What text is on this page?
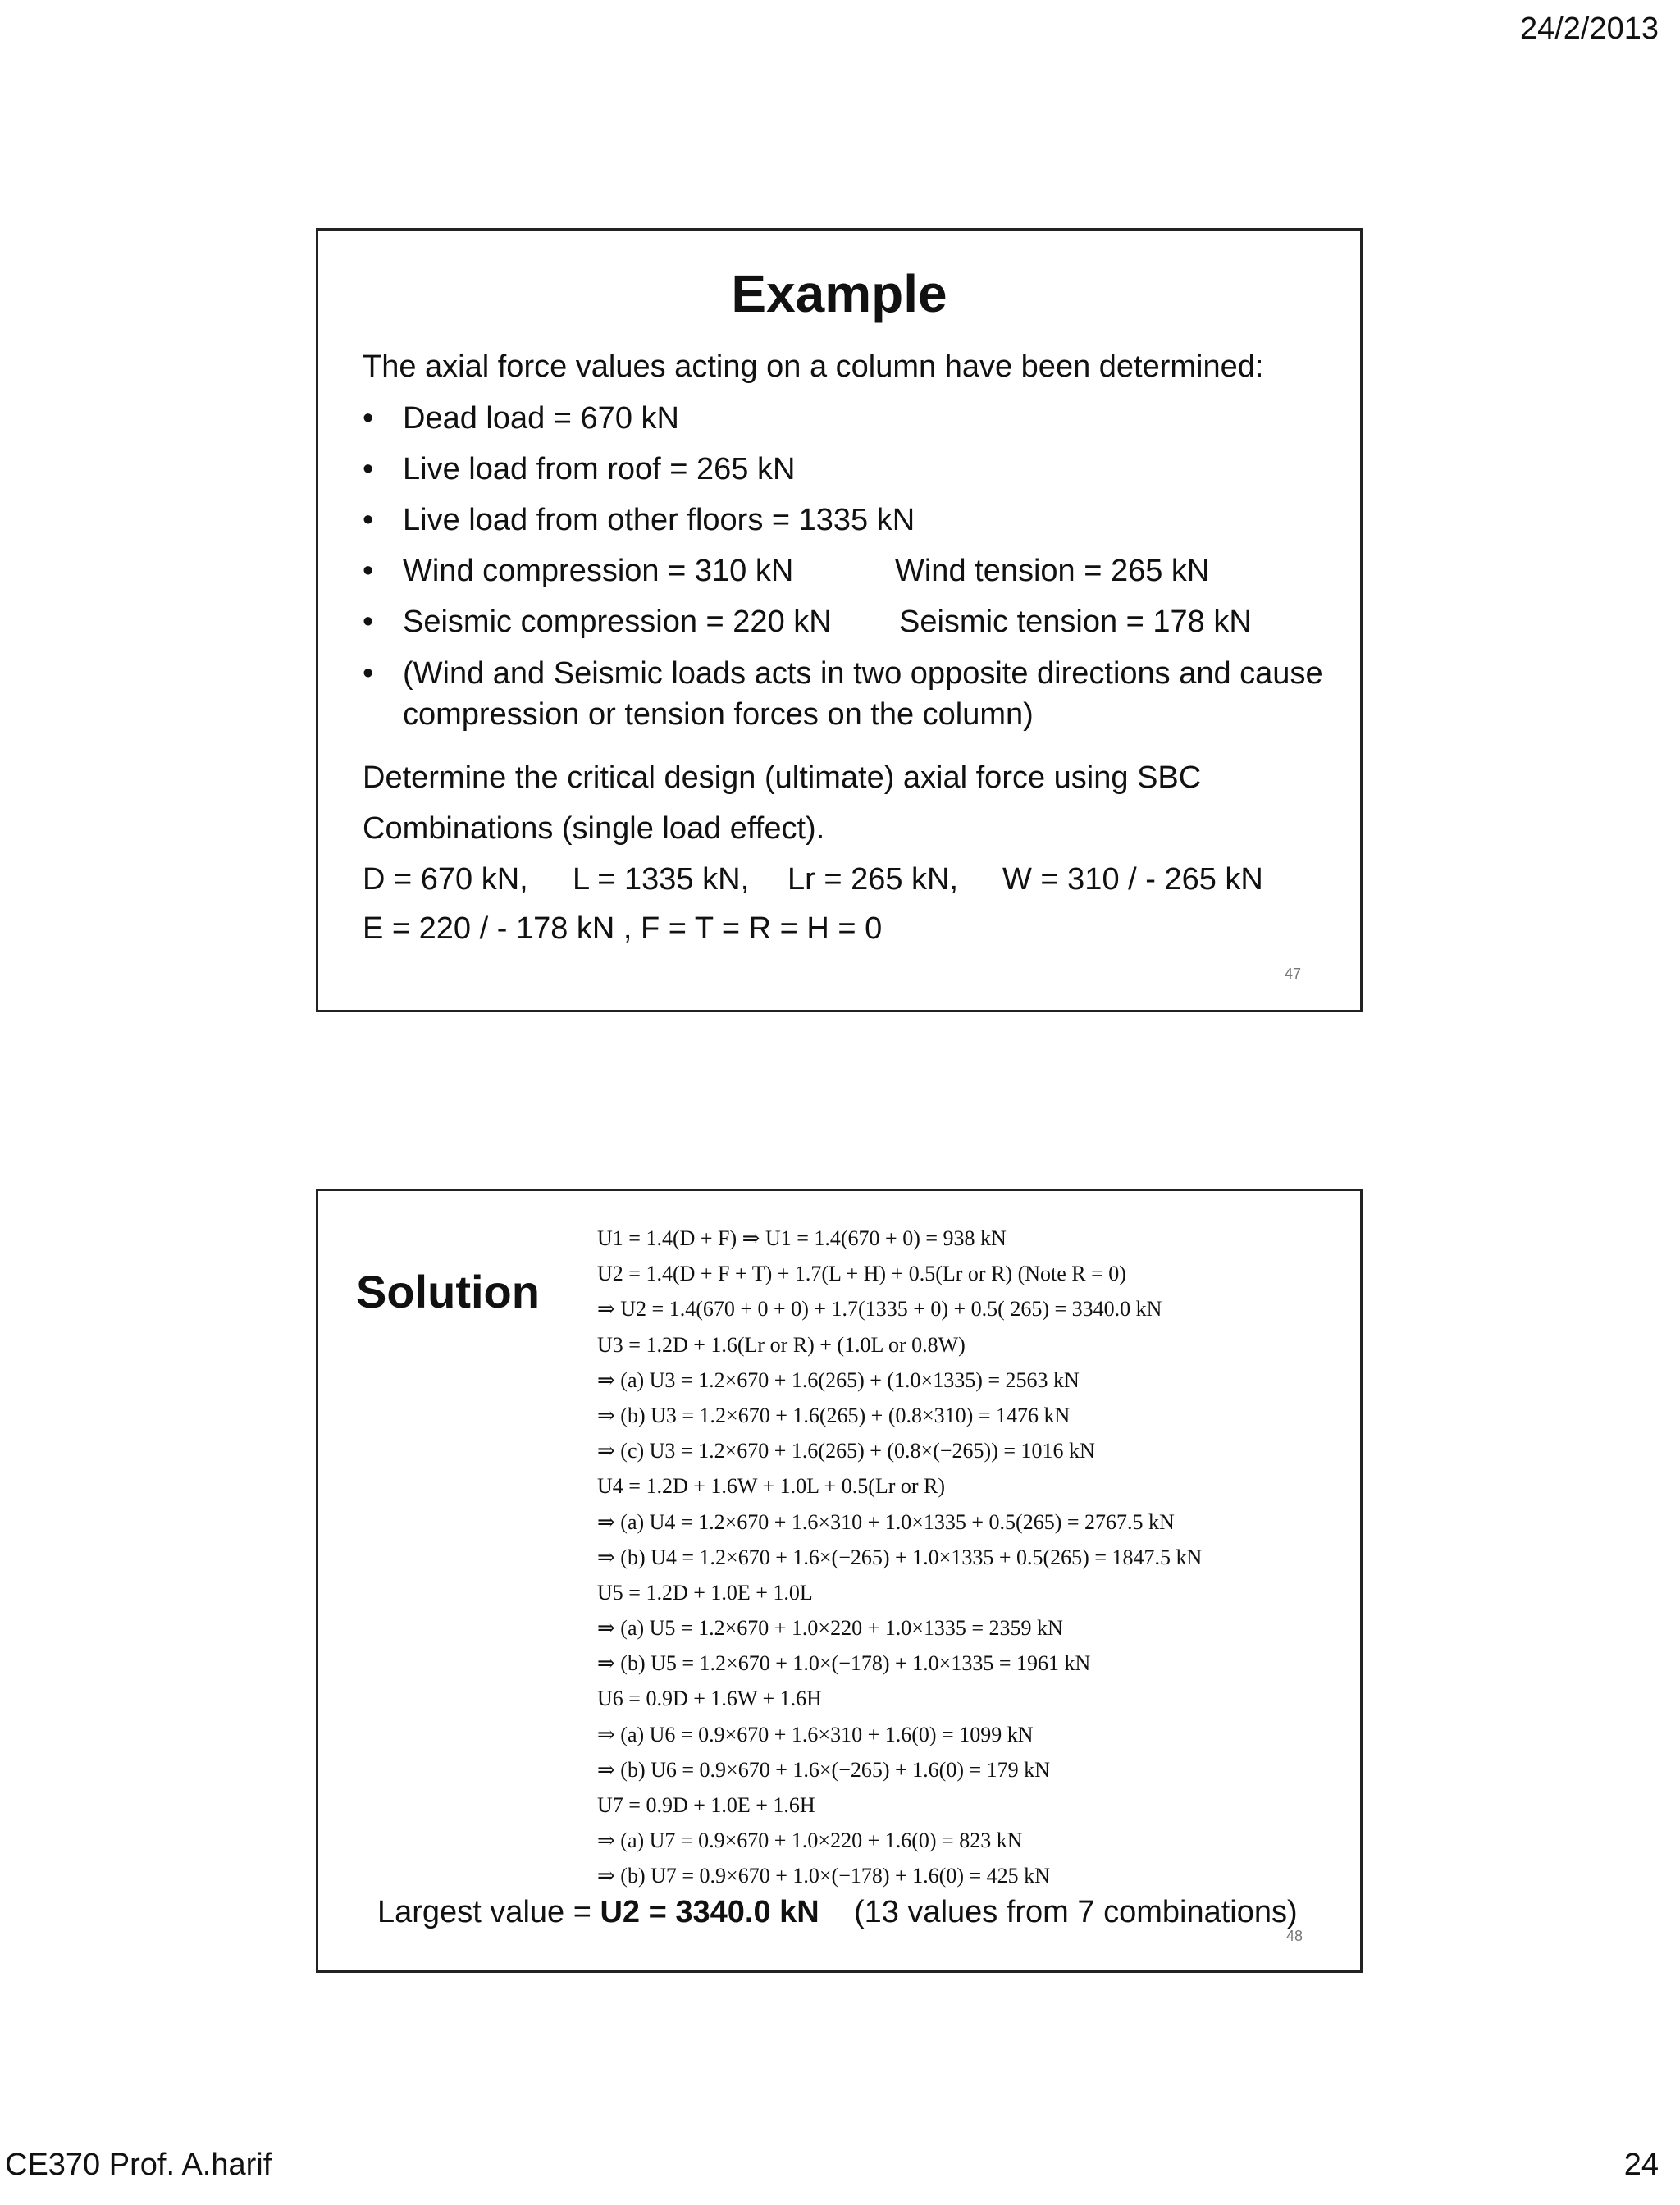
24/2/2013
Example
The axial force values acting on a column have been determined:
• Dead load = 670 kN
• Live load from roof = 265 kN
• Live load from other floors = 1335 kN
• Wind compression = 310 kN	Wind tension = 265 kN
• Seismic compression = 220 kN Seismic tension = 178 kN
• (Wind and Seismic loads acts in two opposite directions and cause compression or tension forces on the column)
Determine the critical design (ultimate) axial force using SBC
Combinations (single load effect).
D = 670 kN, L = 1335 kN, Lr = 265 kN, W = 310 / - 265 kN
E = 220 / - 178 kN , F = T = R = H = 0
47
Solution
U1 = 1.4(D + F) ⇒ U1 = 1.4(670 + 0) = 938 kN
U2 = 1.4(D + F + T) + 1.7(L + H) + 0.5(Lr or R) (Note R = 0)
⇒ U2 = 1.4(670 + 0 + 0) + 1.7(1335 + 0) + 0.5( 265) = 3340.0 kN
U3 = 1.2D + 1.6(Lr or R) + (1.0L or 0.8W)
⇒ (a) U3 = 1.2×670 + 1.6(265) + (1.0×1335) = 2563 kN
⇒ (b) U3 = 1.2×670 + 1.6(265) + (0.8×310) = 1476 kN
⇒ (c) U3 = 1.2×670 + 1.6(265) + (0.8×(−265)) = 1016 kN
U4 = 1.2D + 1.6W + 1.0L + 0.5(Lr or R)
⇒ (a) U4 = 1.2×670 + 1.6×310 + 1.0×1335 + 0.5(265) = 2767.5 kN
⇒ (b) U4 = 1.2×670 + 1.6×(−265) + 1.0×1335 + 0.5(265) = 1847.5 kN
U5 = 1.2D + 1.0E + 1.0L
⇒ (a) U5 = 1.2×670 + 1.0×220 + 1.0×1335 = 2359 kN
⇒ (b) U5 = 1.2×670 + 1.0×(−178) + 1.0×1335 = 1961 kN
U6 = 0.9D + 1.6W + 1.6H
⇒ (a) U6 = 0.9×670 + 1.6×310 + 1.6(0) = 1099 kN
⇒ (b) U6 = 0.9×670 + 1.6×(−265) + 1.6(0) = 179 kN
U7 = 0.9D + 1.0E + 1.6H
⇒ (a) U7 = 0.9×670 + 1.0×220 + 1.6(0) = 823 kN
⇒ (b) U7 = 0.9×670 + 1.0×(−178) + 1.6(0) = 425 kN
Largest value = U2 = 3340.0 kN (13 values from 7 combinations)
48
CE370 Prof. A.harif	24
